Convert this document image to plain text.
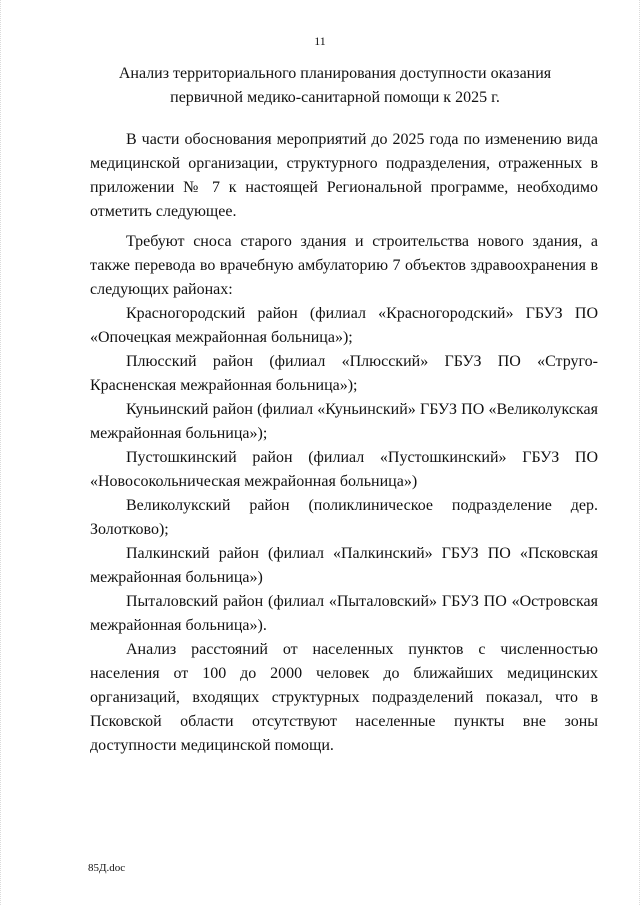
11
Анализ территориального планирования доступности оказания
первичной медико-санитарной помощи к 2025 г.

В части обоснования мероприятий до 2025 года по изменению вида медицинской организации, структурного подразделения, отраженных в приложении № 7 к настоящей Региональной программе, необходимо отметить следующее.

Требуют сноса старого здания и строительства нового здания, а также перевода во врачебную амбулаторию 7 объектов здравоохранения в следующих районах:

Красногородский район (филиал «Красногородский» ГБУЗ ПО «Опочецкая межрайонная больница»);

Плюсский район (филиал «Плюсский» ГБУЗ ПО «Струго-Красненская межрайонная больница»);

Куньинский район (филиал «Куньинский» ГБУЗ ПО «Великолукская межрайонная больница»);

Пустошкинский район (филиал «Пустошкинский» ГБУЗ ПО «Новосокольническая межрайонная больница»)

Великолукский район (поликлиническое подразделение дер. Золотково);

Палкинский район (филиал «Палкинский» ГБУЗ ПО «Псковская межрайонная больница»)

Пыталовский район (филиал «Пыталовский» ГБУЗ ПО «Островская межрайонная больница»).

Анализ расстояний от населенных пунктов с численностью населения от 100 до 2000 человек до ближайших медицинских организаций, входящих структурных подразделений показал, что в Псковской области отсутствуют населенные пункты вне зоны доступности медицинской помощи.

85Д.doc
